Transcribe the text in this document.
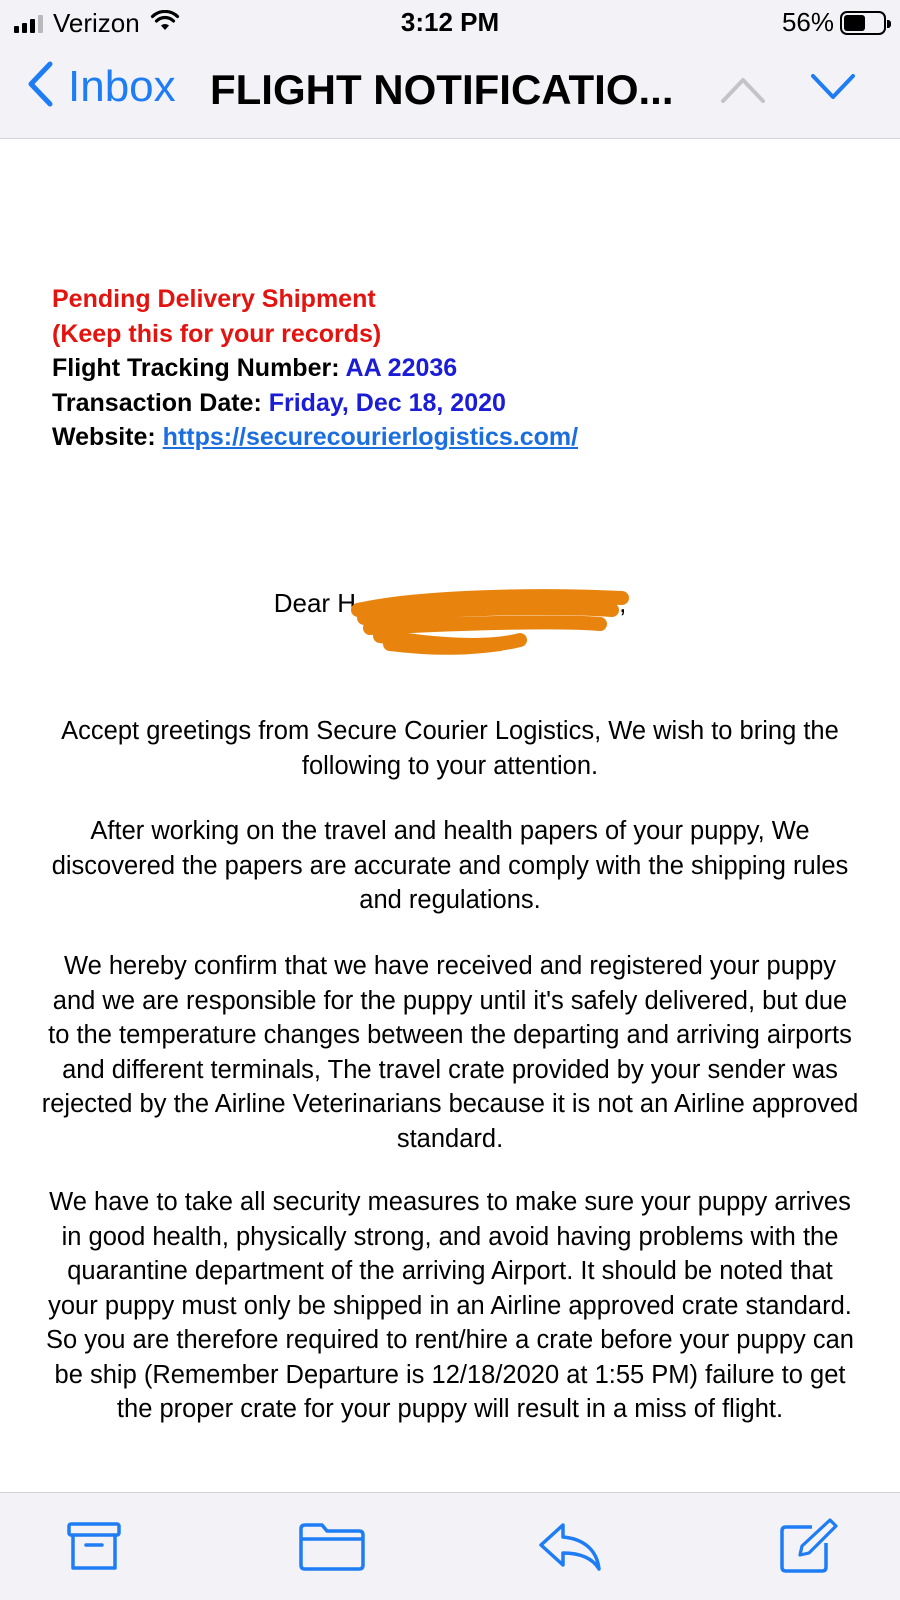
Verizon	3:12 PM	56%
Inbox FLIGHT NOTIFICATIO...
Pending Delivery Shipment
(Keep this for your records)
Flight Tracking Number: AA 22036
Transaction Date: Friday, Dec 18, 2020
Website: https://securecourierlogistics.com/
Dear H	z,
Accept greetings from Secure Courier Logistics, We wish to bring the following to your attention.
After working on the travel and health papers of your puppy, We discovered the papers are accurate and comply with the shipping rules and regulations.
We hereby confirm that we have received and registered your puppy and we are responsible for the puppy until it's safely delivered, but due to the temperature changes between the departing and arriving airports and different terminals, The travel crate provided by your sender was rejected by the Airline Veterinarians because it is not an Airline approved standard.
We have to take all security measures to make sure your puppy arrives in good health, physically strong, and avoid having problems with the quarantine department of the arriving Airport. It should be noted that your puppy must only be shipped in an Airline approved crate standard. So you are therefore required to rent/hire a crate before your puppy can be ship (Remember Departure is 12/18/2020 at 1:55 PM) failure to get the proper crate for your puppy will result in a miss of flight.
